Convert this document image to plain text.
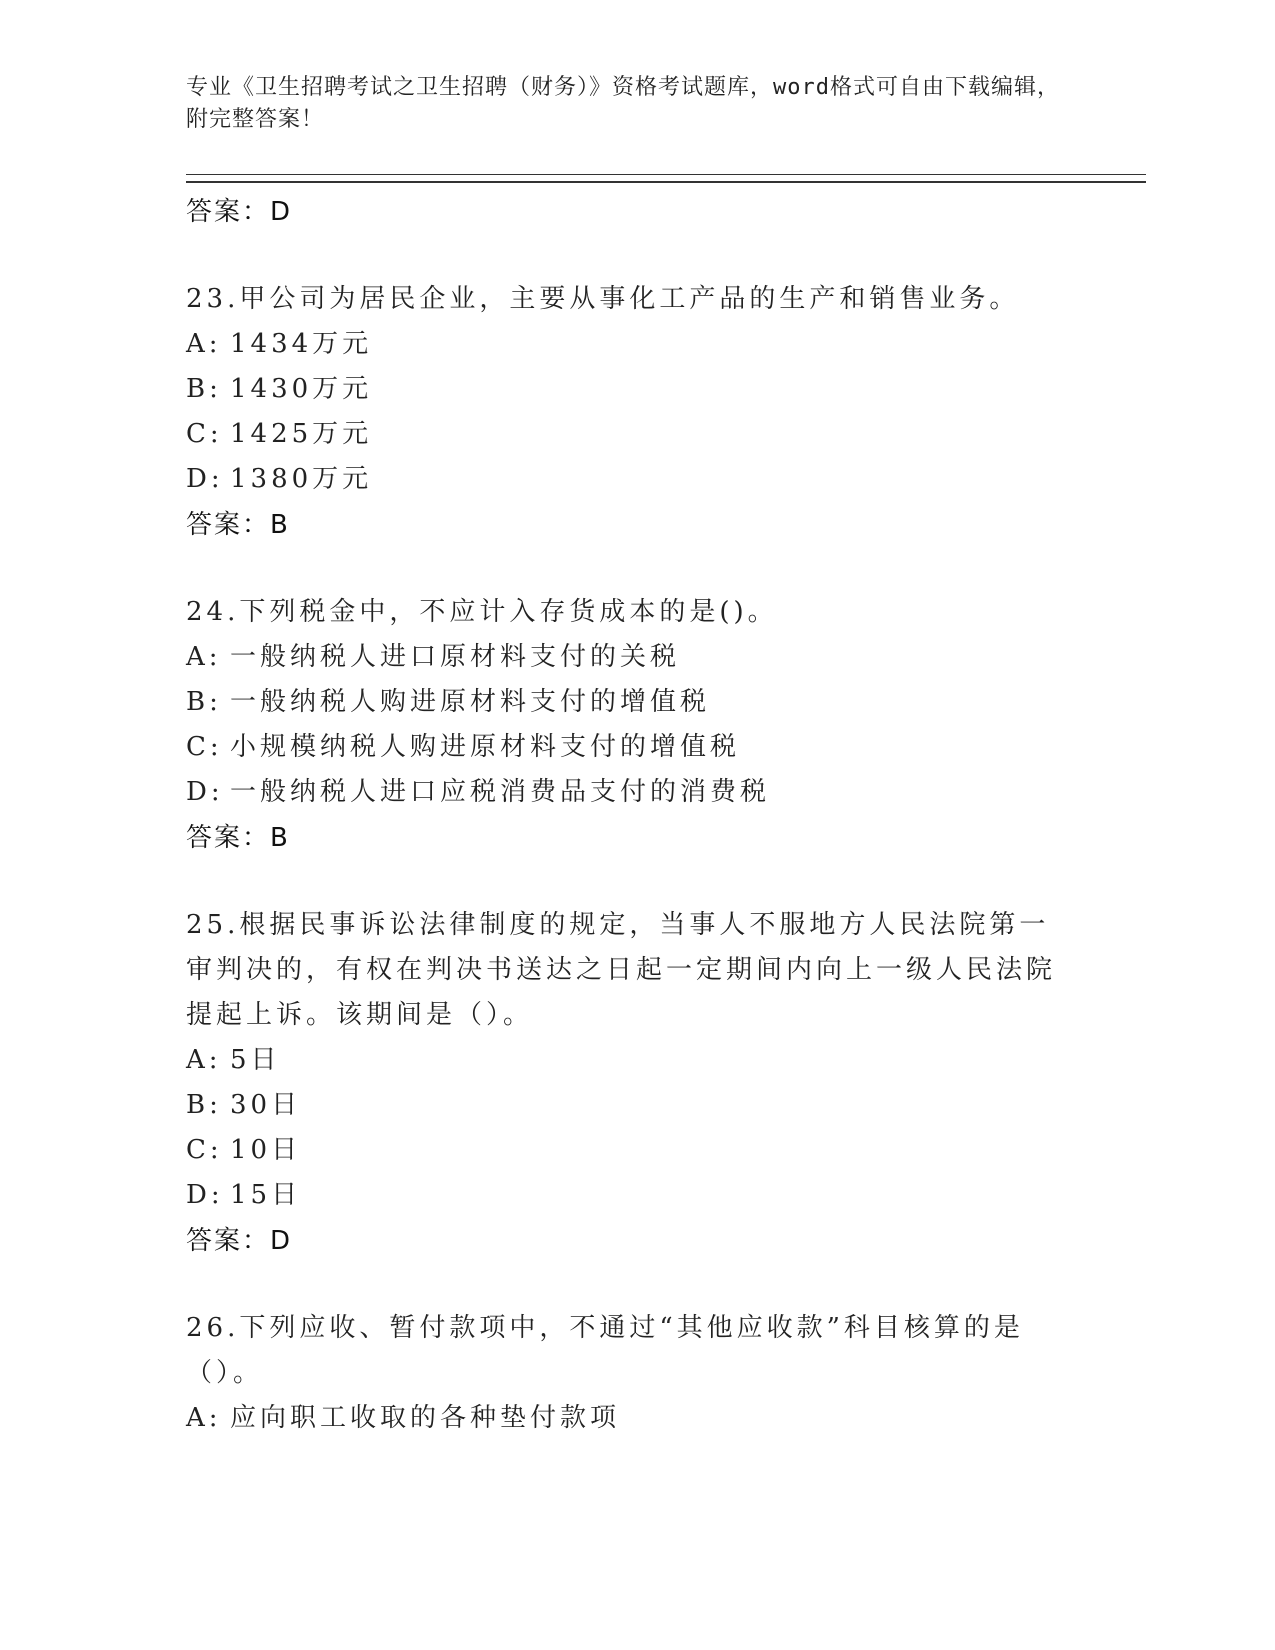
专业《卫生招聘考试之卫生招聘（财务）》资格考试题库，word格式可自由下载编辑，附完整答案！
答案：D
23.甲公司为居民企业，主要从事化工产品的生产和销售业务。
A: 1434万元
B: 1430万元
C: 1425万元
D: 1380万元
答案：B
24.下列税金中，不应计入存货成本的是()。
A: 一般纳税人进口原材料支付的关税
B: 一般纳税人购进原材料支付的增值税
C: 小规模纳税人购进原材料支付的增值税
D: 一般纳税人进口应税消费品支付的消费税
答案：B
25.根据民事诉讼法律制度的规定，当事人不服地方人民法院第一审判决的，有权在判决书送达之日起一定期间内向上一级人民法院提起上诉。该期间是（）。
A: 5日
B: 30日
C: 10日
D: 15日
答案：D
26.下列应收、暂付款项中，不通过“其他应收款”科目核算的是（）。
A: 应向职工收取的各种垫付款项
